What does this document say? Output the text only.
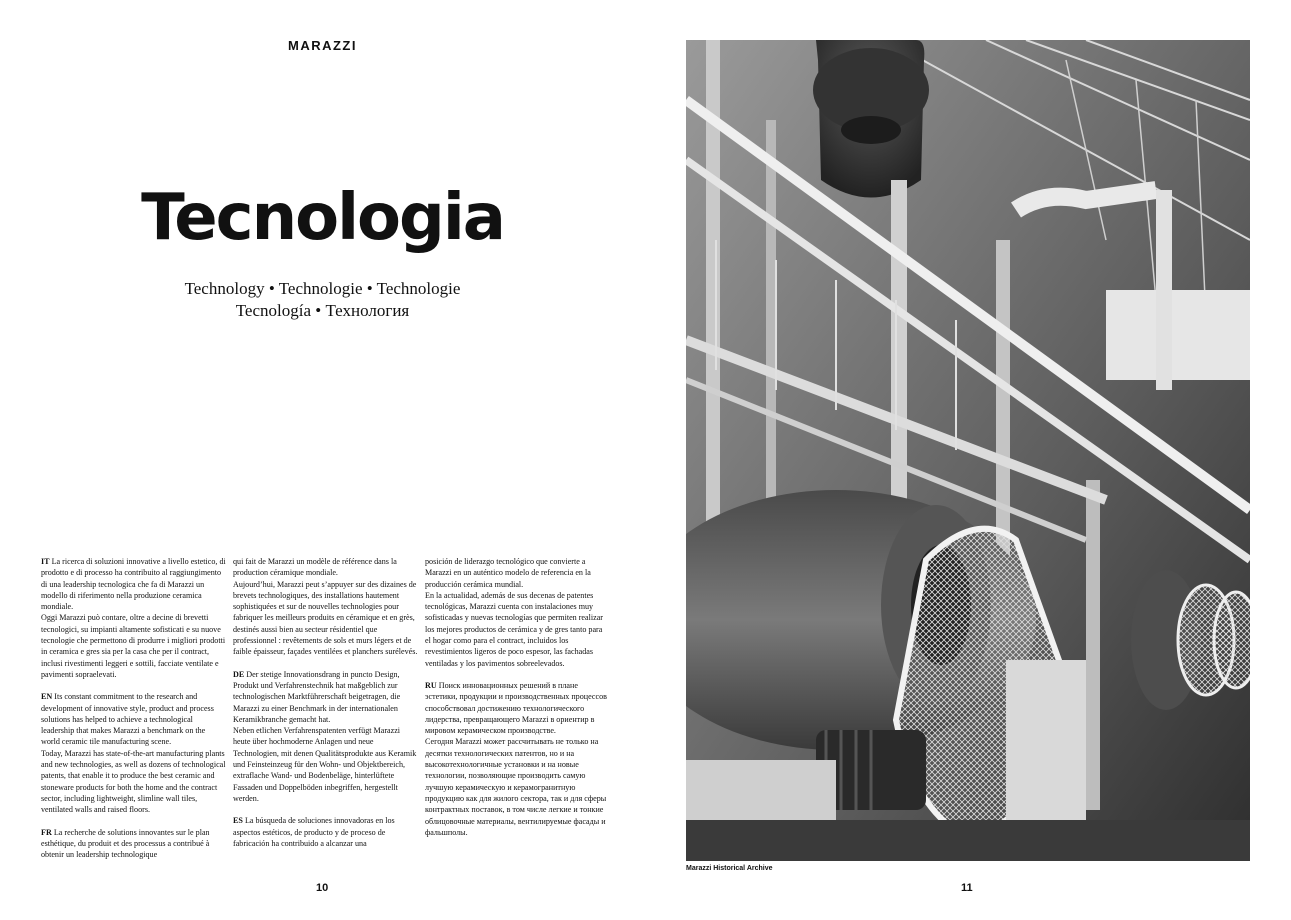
MARAZZI
Tecnologia
Technology • Technologie • Technologie
Tecnología • Технология

IT La ricerca di soluzioni innovative a livello estetico, di prodotto e di processo ha contribuito al raggiungimento di una leadership tecnologica che fa di Marazzi un modello di riferimento nella produzione ceramica mondiale.
Oggi Marazzi può contare, oltre a decine di brevetti tecnologici, su impianti altamente sofisticati e su nuove tecnologie che permettono di produrre i migliori prodotti in ceramica e gres sia per la casa che per il contract, inclusi rivestimenti leggeri e sottili, facciate ventilate e pavimenti sopraelevati.

EN Its constant commitment to the research and development of innovative style, product and process solutions has helped to achieve a technological leadership that makes Marazzi a benchmark on the world ceramic tile manufacturing scene.
Today, Marazzi has state-of-the-art manufacturing plants and new technologies, as well as dozens of technological patents, that enable it to produce the best ceramic and stoneware products for both the home and the contract sector, including lightweight, slimline wall tiles, ventilated walls and raised floors.

FR La recherche de solutions innovantes sur le plan esthétique, du produit et des processus a contribué à obtenir un leadership technologique

qui fait de Marazzi un modèle de référence dans la production céramique mondiale.
Aujourd’hui, Marazzi peut s’appuyer sur des dizaines de brevets technologiques, des installations hautement sophistiquées et sur de nouvelles technologies pour fabriquer les meilleurs produits en céramique et en grès, destinés aussi bien au secteur résidentiel que professionnel : revêtements de sols et murs légers et de faible épaisseur, façades ventilées et planchers surélevés.

DE Der stetige Innovationsdrang in puncto Design, Produkt und Verfahrenstechnik hat maßgeblich zur technologischen Marktführerschaft beigetragen, die Marazzi zu einer Benchmark in der internationalen Keramikbranche gemacht hat.
Neben etlichen Verfahrenspatenten verfügt Marazzi heute über hochmoderne Anlagen und neue Technologien, mit denen Qualitätsprodukte aus Keramik und Feinsteinzeug für den Wohn- und Objektbereich, extraflache Wand- und Bodenbeläge, hinterlüftete Fassaden und Doppelböden inbegriffen, hergestellt werden.

ES La búsqueda de soluciones innovadoras en los aspectos estéticos, de producto y de proceso de fabricación ha contribuido a alcanzar una

posición de liderazgo tecnológico que convierte a Marazzi en un auténtico modelo de referencia en la producción cerámica mundial.
En la actualidad, además de sus decenas de patentes tecnológicas, Marazzi cuenta con instalaciones muy sofisticadas y nuevas tecnologías que permiten realizar los mejores productos de cerámica y de gres tanto para el hogar como para el contract, incluidos los revestimientos ligeros de poco espesor, las fachadas ventiladas y los pavimentos sobreelevados.

RU Поиск инновационных решений в плане эстетики, продукции и производственных процессов способствовал достижению технологического лидерства, превращающего Marazzi в ориентир в мировом керамическом производстве.
Сегодня Marazzi может рассчитывать не только на десятки технологических патентов, но и на высокотехнологичные установки и на новые технологии, позволяющие производить самую лучшую керамическую и керамогранитную продукцию как для жилого сектора, так и для сферы контрактных поставок, в том числе легкие и тонкие облицовочные материалы, вентилируемые фасады и фальшполы.

10	11
Marazzi Historical Archive
